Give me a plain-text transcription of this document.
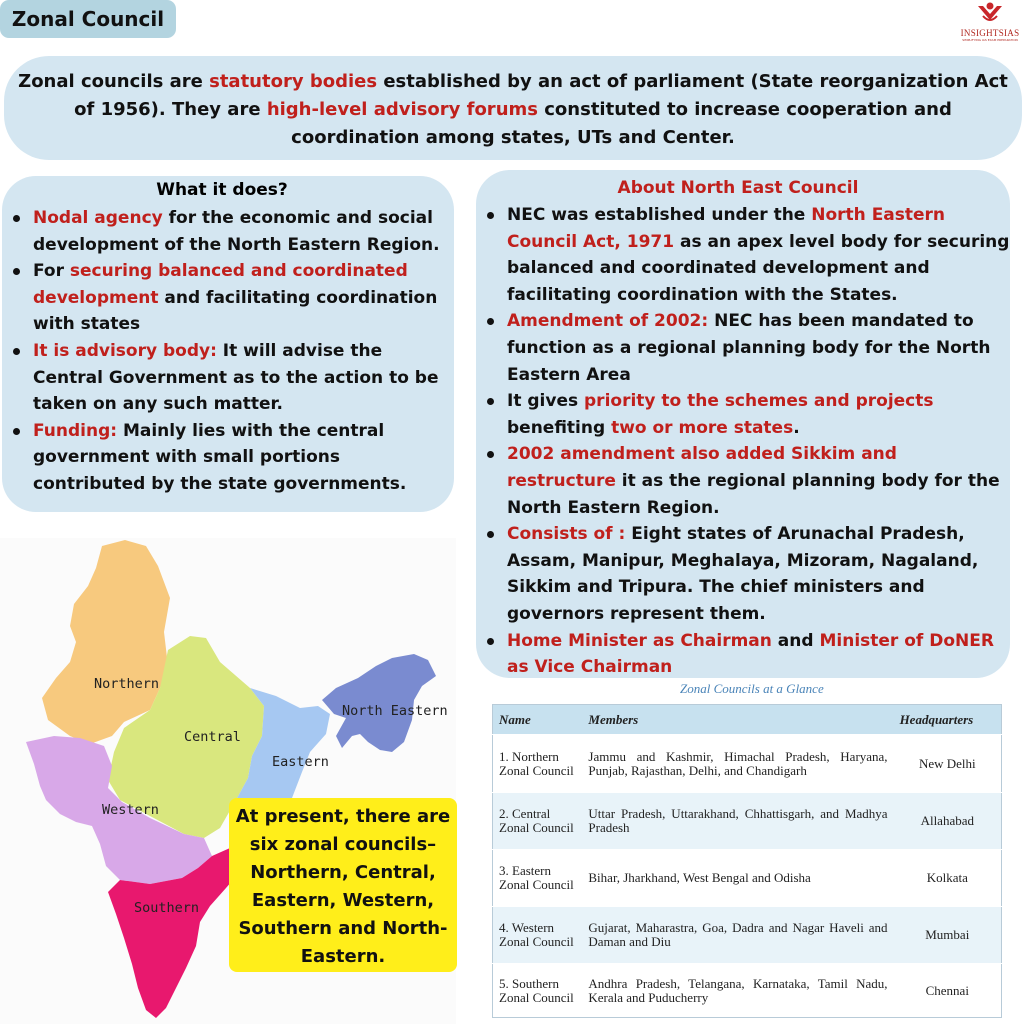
Zonal Council
INSIGHTSIAS
SIMPLIFYING IAS EXAM PREPARATION
Zonal councils are statutory bodies established by an act of parliament (State reorganization Act of 1956). They are high-level advisory forums constituted to increase cooperation and coordination among states, UTs and Center.
What it does?
Nodal agency for the economic and social development of the North Eastern Region.
For securing balanced and coordinated development and facilitating coordination with states
It is advisory body: It will advise the Central Government as to the action to be taken on any such matter.
Funding: Mainly lies with the central government with small portions contributed by the state governments.
About North East Council
NEC was established under the North Eastern Council Act, 1971 as an apex level body for securing balanced and coordinated development and facilitating coordination with the States.
Amendment of 2002: NEC has been mandated to function as a regional planning body for the North Eastern Area
It gives priority to the schemes and projects benefiting two or more states.
2002 amendment also added Sikkim and restructure it as the regional planning body for the North Eastern Region.
Consists of : Eight states of Arunachal Pradesh, Assam, Manipur, Meghalaya, Mizoram, Nagaland, Sikkim and Tripura. The chief ministers and governors represent them.
Home Minister as Chairman and Minister of DoNER as Vice Chairman
Northern
Central
Eastern
North Eastern
Western
Southern
At present, there are six zonal councils– Northern, Central, Eastern, Western, Southern and North-Eastern.
Zonal Councils at a Glance
Name	Members	Headquarters
1. Northern Zonal Council	Jammu and Kashmir, Himachal Pradesh, Haryana, Punjab, Rajasthan, Delhi, and Chandigarh	New Delhi
2. Central Zonal Council	Uttar Pradesh, Uttarakhand, Chhattisgarh, and Madhya Pradesh	Allahabad
3. Eastern Zonal Council	Bihar, Jharkhand, West Bengal and Odisha	Kolkata
4. Western Zonal Council	Gujarat, Maharastra, Goa, Dadra and Nagar Haveli and Daman and Diu	Mumbai
5. Southern Zonal Council	Andhra Pradesh, Telangana, Karnataka, Tamil Nadu, Kerala and Puducherry	Chennai
